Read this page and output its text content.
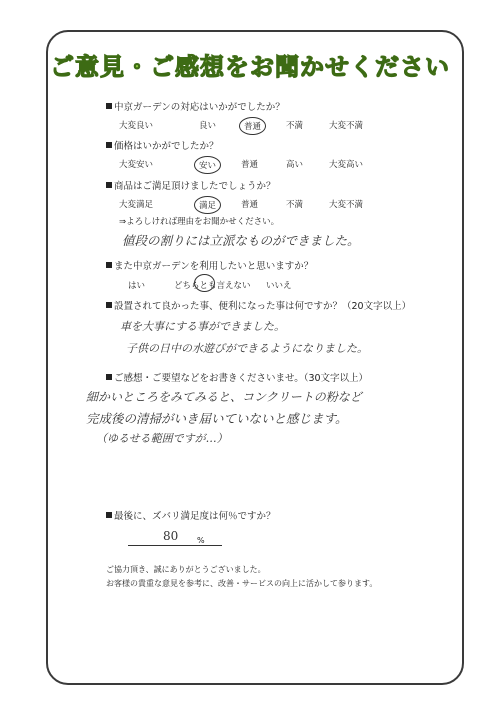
ご意見・ご感想をお聞かせください
中京ガーデンの対応はいかがでしたか？
大変良い	良い	普通	不満	大変不満
価格はいかがでしたか？
大変安い	安い	普通	高い	大変高い
商品はご満足頂けましたでしょうか？
大変満足	満足	普通	不満	大変不満
⇒よろしければ理由をお聞かせください。
値段の割りには立派なものができました。
また中京ガーデンを利用したいと思いますか？
はい	どちらとも言えない いいえ
設置されて良かった事、便利になった事は何ですか？（20文字以上）
車を大事にする事ができました。
子供の日中の水遊びができるようになりました。
ご感想・ご要望などをお書きくださいませ。（30文字以上）
細かいところをみてみると、コンクリートの粉など
完成後の清掃がいき届いていないと感じます。
（ゆるせる範囲ですが…）
最後に、ズバリ満足度は何％ですか？
80 %
ご協力頂き、誠にありがとうございました。
お客様の貴重な意見を参考に、改善・サービスの向上に活かして参ります。
